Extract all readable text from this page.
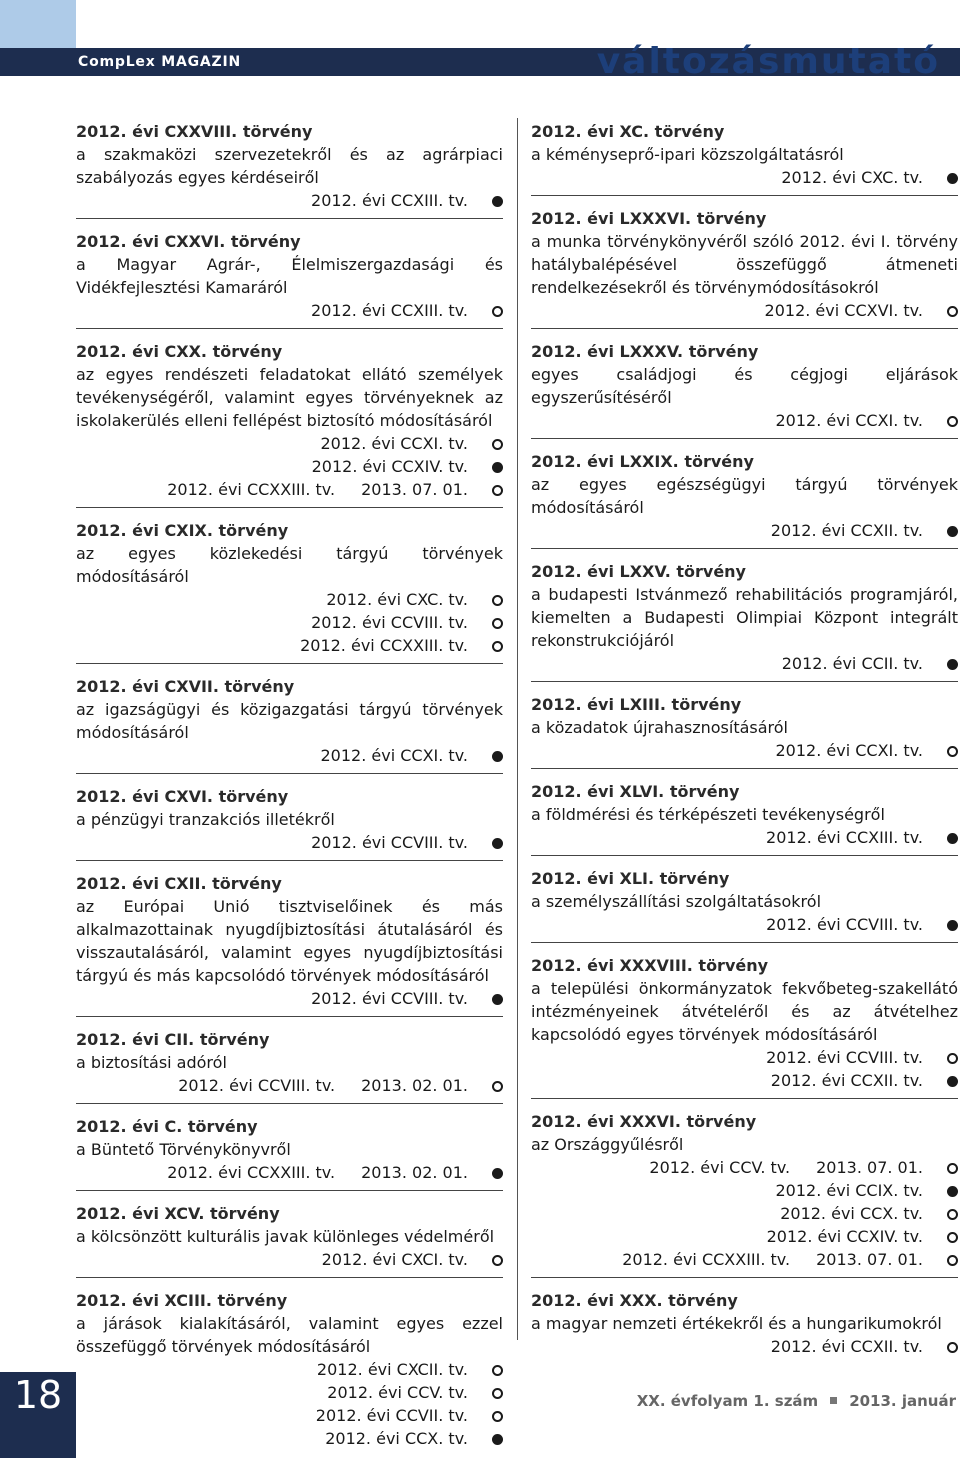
CompLex MAGAZIN	változásmutató
2012. évi CXXVIII. törvény
a szakmaközi szervezetekről és az agrárpiaci szabályozás egyes kérdéseiről
2012. évi CCXIII. tv.
2012. évi CXXVI. törvény
a Magyar Agrár-, Élelmiszergazdasági és Vidékfejlesztési Kamaráról
2012. évi CCXIII. tv.
2012. évi CXX. törvény
az egyes rendészeti feladatokat ellátó személyek tevékenységéről, valamint egyes törvényeknek az iskolakerülés elleni fellépést biztosító módosításáról
2012. évi CCXI. tv.
2012. évi CCXIV. tv.
2012. évi CCXXIII. tv. 2013. 07. 01.
2012. évi CXIX. törvény
az egyes közlekedési tárgyú törvények módosításáról
2012. évi CXC. tv.
2012. évi CCVIII. tv.
2012. évi CCXXIII. tv.
2012. évi CXVII. törvény
az igazságügyi és közigazgatási tárgyú törvények módosításáról
2012. évi CCXI. tv.
2012. évi CXVI. törvény
a pénzügyi tranzakciós illetékről
2012. évi CCVIII. tv.
2012. évi CXII. törvény
az Európai Unió tisztviselőinek és más alkalmazottainak nyugdíjbiztosítási átutalásáról és visszautalásáról, valamint egyes nyugdíjbiztosítási tárgyú és más kapcsolódó törvények módosításáról
2012. évi CCVIII. tv.
2012. évi CII. törvény
a biztosítási adóról
2012. évi CCVIII. tv. 2013. 02. 01.
2012. évi C. törvény
a Büntető Törvénykönyvről
2012. évi CCXXIII. tv. 2013. 02. 01.
2012. évi XCV. törvény
a kölcsönzött kulturális javak különleges védelméről
2012. évi CXCI. tv.
2012. évi XCIII. törvény
a járások kialakításáról, valamint egyes ezzel összefüggő törvények módosításáról
2012. évi CXCII. tv.
2012. évi CCV. tv.
2012. évi CCVII. tv.
2012. évi CCX. tv.
2012. évi XC. törvény
a kéményseprő-ipari közszolgáltatásról
2012. évi CXC. tv.
2012. évi LXXXVI. törvény
a munka törvénykönyvéről szóló 2012. évi I. törvény hatálybalépésével összefüggő átmeneti rendelkezésekről és törvénymódosításokról
2012. évi CCXVI. tv.
2012. évi LXXXV. törvény
egyes családjogi és cégjogi eljárások egyszerűsítéséről
2012. évi CCXI. tv.
2012. évi LXXIX. törvény
az egyes egészségügyi tárgyú törvények módosításáról
2012. évi CCXII. tv.
2012. évi LXXV. törvény
a budapesti Istvánmező rehabilitációs programjáról, kiemelten a Budapesti Olimpiai Központ integrált rekonstrukciójáról
2012. évi CCII. tv.
2012. évi LXIII. törvény
a közadatok újrahasznosításáról
2012. évi CCXI. tv.
2012. évi XLVI. törvény
a földmérési és térképészeti tevékenységről
2012. évi CCXIII. tv.
2012. évi XLI. törvény
a személyszállítási szolgáltatásokról
2012. évi CCVIII. tv.
2012. évi XXXVIII. törvény
a települési önkormányzatok fekvőbeteg-szakellátó intézményeinek átvételéről és az átvételhez kapcsolódó egyes törvények módosításáról
2012. évi CCVIII. tv.
2012. évi CCXII. tv.
2012. évi XXXVI. törvény
az Országgyűlésről
2012. évi CCV. tv. 2013. 07. 01.
2012. évi CCIX. tv.
2012. évi CCX. tv.
2012. évi CCXIV. tv.
2012. évi CCXXIII. tv. 2013. 07. 01.
2012. évi XXX. törvény
a magyar nemzeti értékekről és a hungarikumokról
2012. évi CCXII. tv.
18	XX. évfolyam 1. szám 2013. január
